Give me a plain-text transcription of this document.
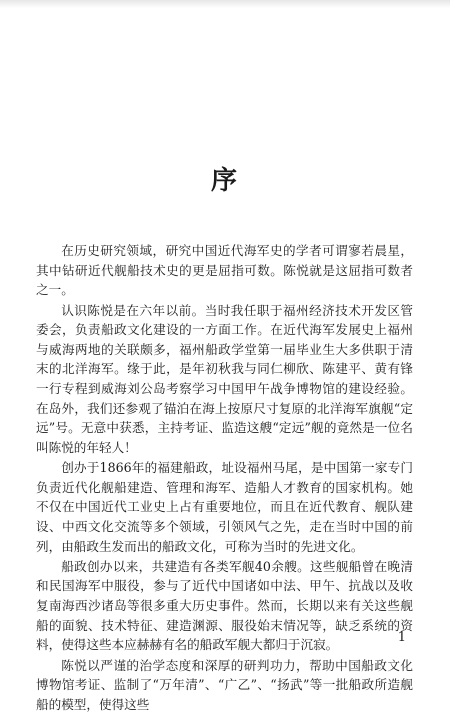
序

在历史研究领域，研究中国近代海军史的学者可谓寥若晨星，其中钻研近代舰船技术史的更是屈指可数。陈悦就是这屈指可数者之一。

认识陈悦是在六年以前。当时我任职于福州经济技术开发区管委会，负责船政文化建设的一方面工作。在近代海军发展史上福州与威海两地的关联颇多，福州船政学堂第一届毕业生大多供职于清末的北洋海军。缘于此，是年初秋我与同仁柳欣、陈建平、黄有锋一行专程到威海刘公岛考察学习中国甲午战争博物馆的建设经验。在岛外，我们还参观了锚泊在海上按原尺寸复原的北洋海军旗舰“定远”号。无意中获悉，主持考证、监造这艘“定远”舰的竟然是一位名叫陈悦的年轻人！

创办于1866年的福建船政，址设福州马尾，是中国第一家专门负责近代化舰船建造、管理和海军、造船人才教育的国家机构。她不仅在中国近代工业史上占有重要地位，而且在近代教育、舰队建设、中西文化交流等多个领域，引领风气之先，走在当时中国的前列，由船政生发而出的船政文化，可称为当时的先进文化。

船政创办以来，共建造有各类军舰40余艘。这些舰船曾在晚清和民国海军中服役，参与了近代中国诸如中法、甲午、抗战以及收复南海西沙诸岛等很多重大历史事件。然而，长期以来有关这些舰船的面貌、技术特征、建造渊源、服役始末情况等，缺乏系统的资料，使得这些本应赫赫有名的船政军舰大都归于沉寂。

陈悦以严谨的治学态度和深厚的研判功力，帮助中国船政文化博物馆考证、监制了“万年清”、“广乙”、“扬武”等一批船政所造舰船的模型，使得这些

1
